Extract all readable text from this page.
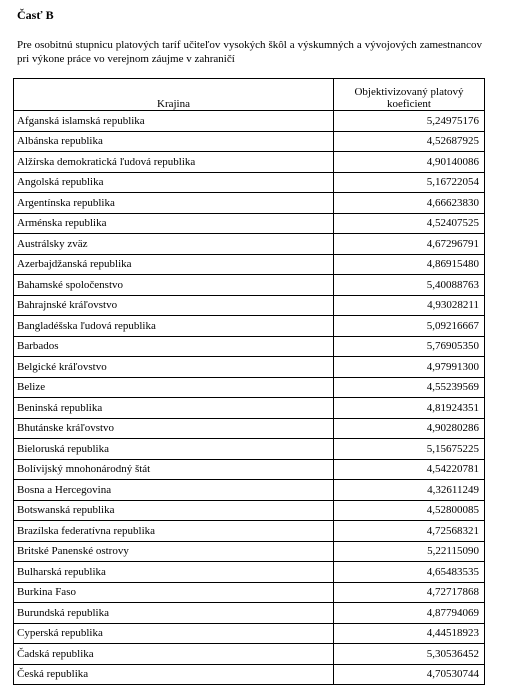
Časť B

Pre osobitnú stupnicu platových taríf učiteľov vysokých škôl a výskumných a vývojových zamestnancov pri výkone práce vo verejnom záujme v zahraničí

Krajina	Objektivizovaný platový koeficient
Afganská islamská republika	5,24975176
Albánska republika	4,52687925
Alžírska demokratická ľudová republika	4,90140086
Angolská republika	5,16722054
Argentínska republika	4,66623830
Arménska republika	4,52407525
Austrálsky zväz	4,67296791
Azerbajdžanská republika	4,86915480
Bahamské spoločenstvo	5,40088763
Bahrajnské kráľovstvo	4,93028211
Bangladéšska ľudová republika	5,09216667
Barbados	5,76905350
Belgické kráľovstvo	4,97991300
Belize	4,55239569
Beninská republika	4,81924351
Bhutánske kráľovstvo	4,90280286
Bieloruská republika	5,15675225
Bolívijský mnohonárodný štát	4,54220781
Bosna a Hercegovina	4,32611249
Botswanská republika	4,52800085
Brazílska federatívna republika	4,72568321
Britské Panenské ostrovy	5,22115090
Bulharská republika	4,65483535
Burkina Faso	4,72717868
Burundská republika	4,87794069
Cyperská republika	4,44518923
Čadská republika	5,30536452
Česká republika	4,70530744
